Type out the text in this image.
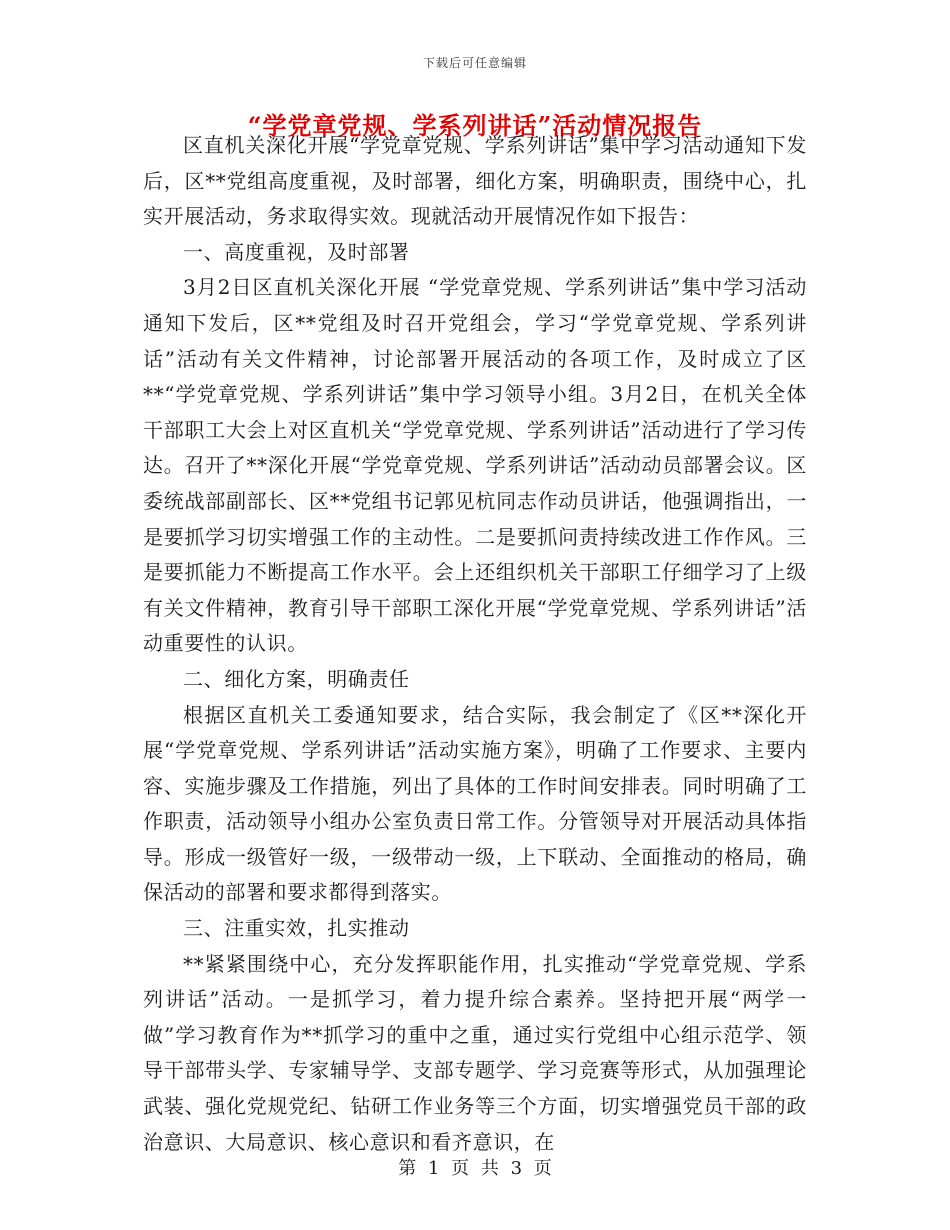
下载后可任意编辑
“学党章党规、学系列讲话”活动情况报告

区直机关深化开展“学党章党规、学系列讲话”集中学习活动通知下发后，区**党组高度重视，及时部署，细化方案，明确职责，围绕中心，扎实开展活动，务求取得实效。现就活动开展情况作如下报告：

一、高度重视，及时部署

3月2日区直机关深化开展 “学党章党规、学系列讲话”集中学习活动通知下发后，区**党组及时召开党组会，学习“学党章党规、学系列讲话”活动有关文件精神，讨论部署开展活动的各项工作，及时成立了区**“学党章党规、学系列讲话”集中学习领导小组。3月2日，在机关全体干部职工大会上对区直机关“学党章党规、学系列讲话”活动进行了学习传达。召开了**深化开展“学党章党规、学系列讲话”活动动员部署会议。区委统战部副部长、区**党组书记郭见杭同志作动员讲话，他强调指出，一是要抓学习切实增强工作的主动性。二是要抓问责持续改进工作作风。三是要抓能力不断提高工作水平。会上还组织机关干部职工仔细学习了上级有关文件精神，教育引导干部职工深化开展“学党章党规、学系列讲话”活动重要性的认识。

二、细化方案，明确责任

根据区直机关工委通知要求，结合实际，我会制定了《区**深化开展“学党章党规、学系列讲话”活动实施方案》，明确了工作要求、主要内容、实施步骤及工作措施，列出了具体的工作时间安排表。同时明确了工作职责，活动领导小组办公室负责日常工作。分管领导对开展活动具体指导。形成一级管好一级，一级带动一级，上下联动、全面推动的格局，确保活动的部署和要求都得到落实。

三、注重实效，扎实推动

**紧紧围绕中心，充分发挥职能作用，扎实推动“学党章党规、学系列讲话”活动。一是抓学习，着力提升综合素养。坚持把开展“两学一做”学习教育作为**抓学习的重中之重，通过实行党组中心组示范学、领导干部带头学、专家辅导学、支部专题学、学习竞赛等形式，从加强理论武装、强化党规党纪、钻研工作业务等三个方面，切实增强党员干部的政治意识、大局意识、核心意识和看齐意识，在

第 1 页 共 3 页
